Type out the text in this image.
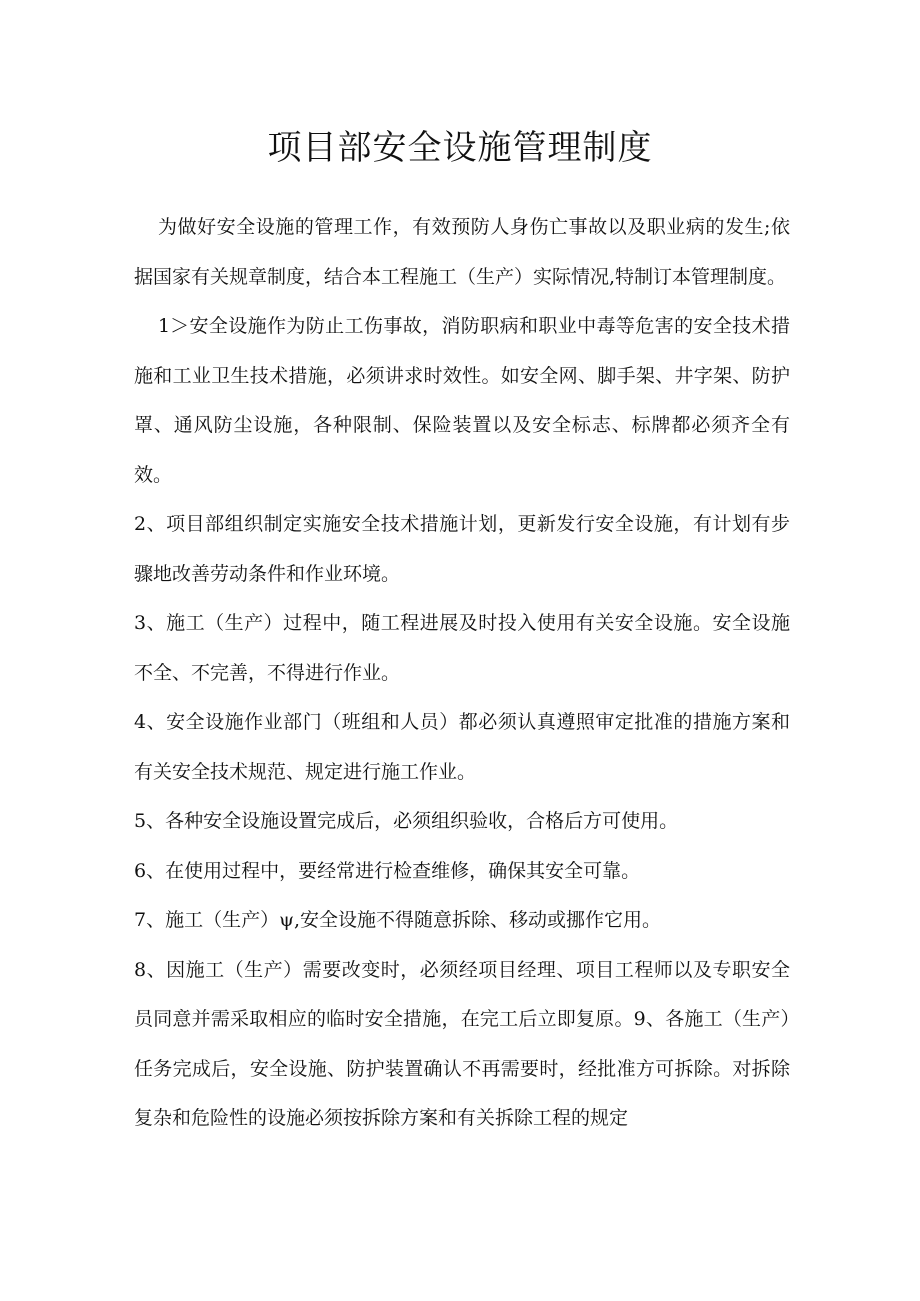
项目部安全设施管理制度

为做好安全设施的管理工作，有效预防人身伤亡事故以及职业病的发生;依据国家有关规章制度，结合本工程施工（生产）实际情况,特制订本管理制度。

1＞安全设施作为防止工伤事故，消防职病和职业中毒等危害的安全技术措施和工业卫生技术措施，必须讲求时效性。如安全网、脚手架、井字架、防护罩、通风防尘设施，各种限制、保险装置以及安全标志、标牌都必须齐全有效。

2、项目部组织制定实施安全技术措施计划，更新发行安全设施，有计划有步骤地改善劳动条件和作业环境。

3、施工（生产）过程中，随工程进展及时投入使用有关安全设施。安全设施不全、不完善，不得进行作业。

4、安全设施作业部门（班组和人员）都必须认真遵照审定批准的措施方案和有关安全技术规范、规定进行施工作业。

5、各种安全设施设置完成后，必须组织验收，合格后方可使用。

6、在使用过程中，要经常进行检查维修，确保其安全可靠。

7、施工（生产）ψ,安全设施不得随意拆除、移动或挪作它用。

8、因施工（生产）需要改变时，必须经项目经理、项目工程师以及专职安全员同意并需采取相应的临时安全措施，在完工后立即复原。9、各施工（生产）任务完成后，安全设施、防护装置确认不再需要时，经批准方可拆除。对拆除复杂和危险性的设施必须按拆除方案和有关拆除工程的规定
